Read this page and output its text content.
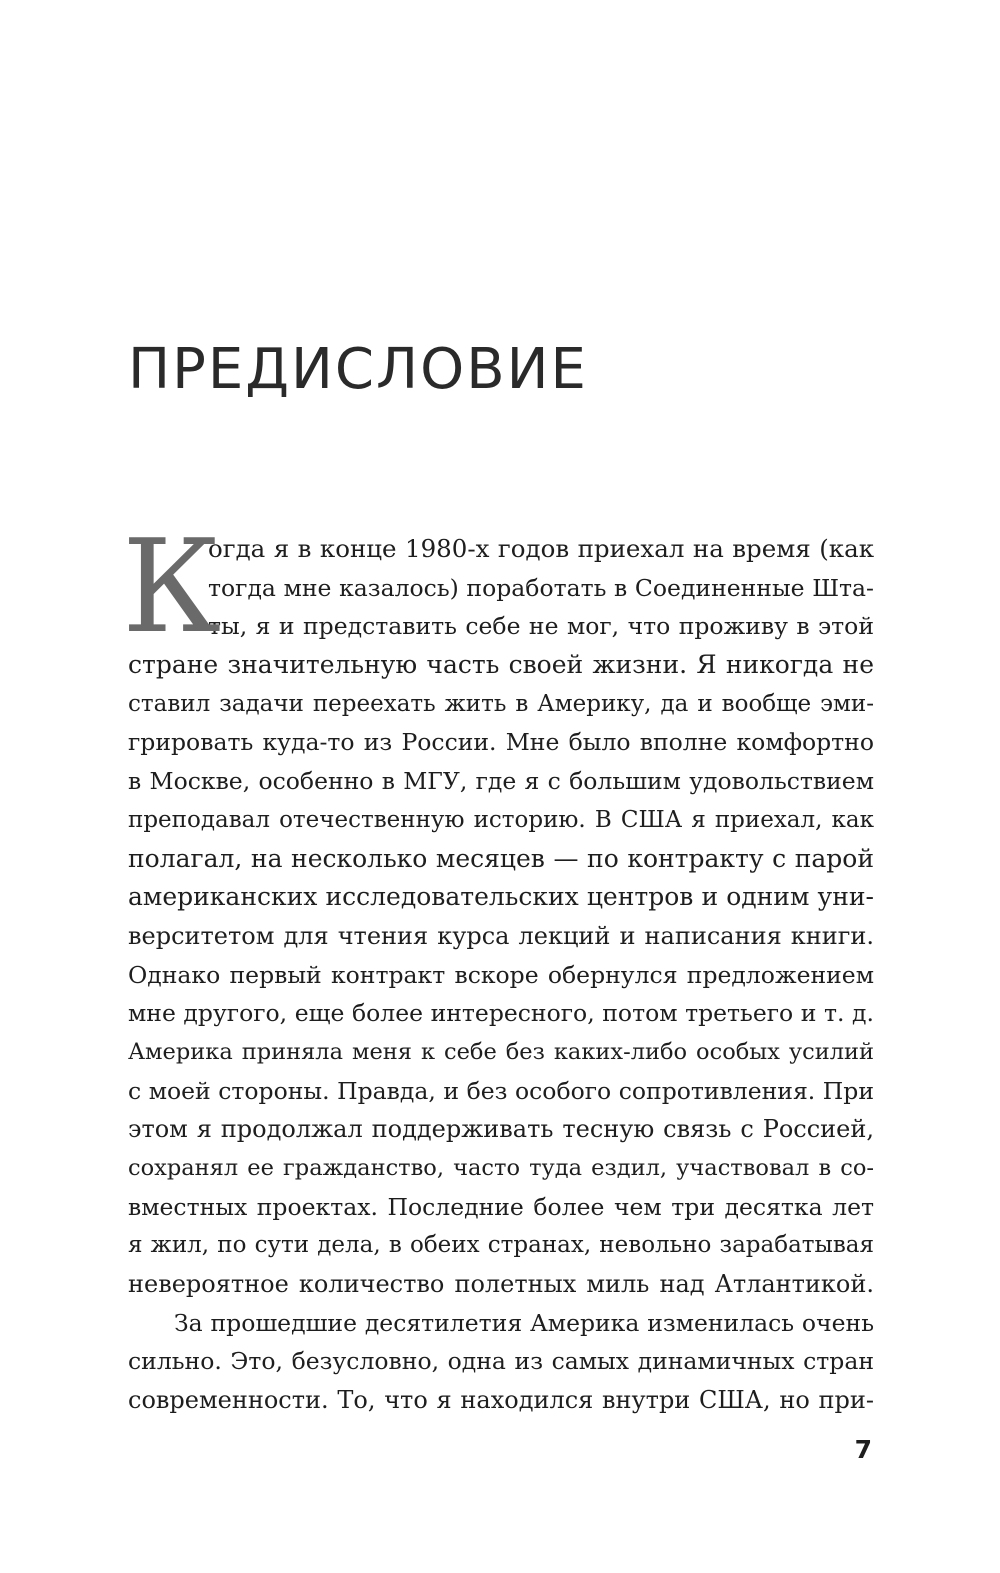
ПРЕДИСЛОВИЕ
К
огда я в конце 1980-х годов приехал на время (как
тогда мне казалось) поработать в Соединенные Шта-
ты, я и представить себе не мог, что проживу в этой
стране значительную часть своей жизни. Я никогда не
ставил задачи переехать жить в Америку, да и вообще эми-
грировать куда-то из России. Мне было вполне комфортно
в Москве, особенно в МГУ, где я с большим удовольствием
преподавал отечественную историю. В США я приехал, как
полагал, на несколько месяцев — по контракту с парой
американских исследовательских центров и одним уни-
верситетом для чтения курса лекций и написания книги.
Однако первый контракт вскоре обернулся предложением
мне другого, еще более интересного, потом третьего и т. д.
Америка приняла меня к себе без каких-либо особых усилий
с моей стороны. Правда, и без особого сопротивления. При
этом я продолжал поддерживать тесную связь с Россией,
сохранял ее гражданство, часто туда ездил, участвовал в со-
вместных проектах. Последние более чем три десятка лет
я жил, по сути дела, в обеих странах, невольно зарабатывая
невероятное количество полетных миль над Атлантикой.
За прошедшие десятилетия Америка изменилась очень
сильно. Это, безусловно, одна из самых динамичных стран
современности. То, что я находился внутри США, но при-
7
